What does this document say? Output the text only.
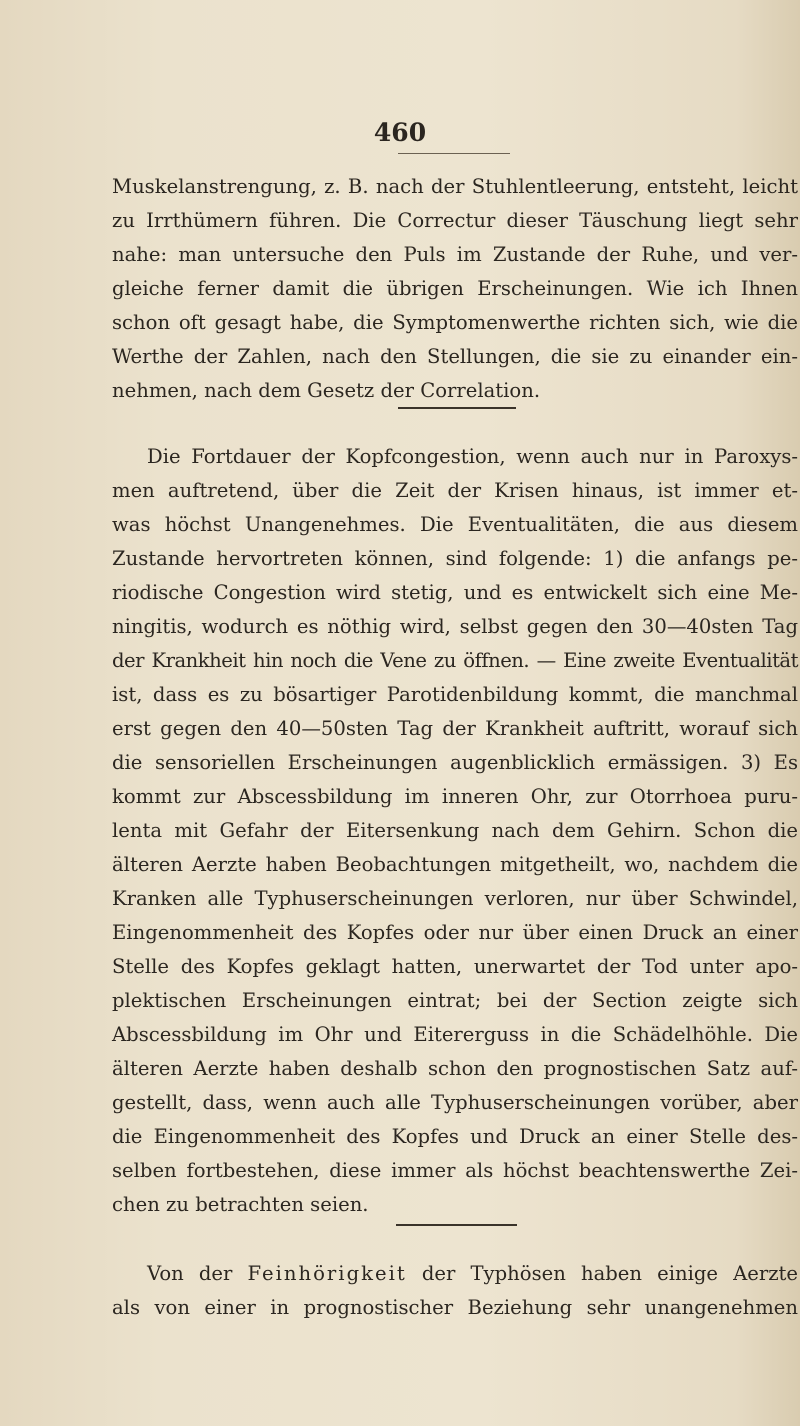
460
Muskelanstrengung, z. B. nach der Stuhlentleerung, entsteht, leicht
zu Irrthümern führen. Die Correctur dieser Täuschung liegt sehr
nahe: man untersuche den Puls im Zustande der Ruhe, und ver-
gleiche ferner damit die übrigen Erscheinungen. Wie ich Ihnen
schon oft gesagt habe, die Symptomenwerthe richten sich, wie die
Werthe der Zahlen, nach den Stellungen, die sie zu einander ein-
nehmen, nach dem Gesetz der Correlation.
Die Fortdauer der Kopfcongestion, wenn auch nur in Paroxys-
men auftretend, über die Zeit der Krisen hinaus, ist immer et-
was höchst Unangenehmes. Die Eventualitäten, die aus diesem
Zustande hervortreten können, sind folgende: 1) die anfangs pe-
riodische Congestion wird stetig, und es entwickelt sich eine Me-
ningitis, wodurch es nöthig wird, selbst gegen den 30—40sten Tag
der Krankheit hin noch die Vene zu öffnen. — Eine zweite Eventualität
ist, dass es zu bösartiger Parotidenbildung kommt, die manchmal
erst gegen den 40—50sten Tag der Krankheit auftritt, worauf sich
die sensoriellen Erscheinungen augenblicklich ermässigen. 3) Es
kommt zur Abscessbildung im inneren Ohr, zur Otorrhoea puru-
lenta mit Gefahr der Eitersenkung nach dem Gehirn. Schon die
älteren Aerzte haben Beobachtungen mitgetheilt, wo, nachdem die
Kranken alle Typhuserscheinungen verloren, nur über Schwindel,
Eingenommenheit des Kopfes oder nur über einen Druck an einer
Stelle des Kopfes geklagt hatten, unerwartet der Tod unter apo-
plektischen Erscheinungen eintrat; bei der Section zeigte sich
Abscessbildung im Ohr und Eitererguss in die Schädelhöhle. Die
älteren Aerzte haben deshalb schon den prognostischen Satz auf-
gestellt, dass, wenn auch alle Typhuserscheinungen vorüber, aber
die Eingenommenheit des Kopfes und Druck an einer Stelle des-
selben fortbestehen, diese immer als höchst beachtenswerthe Zei-
chen zu betrachten seien.
Von der Feinhörigkeit der Typhösen haben einige Aerzte
als von einer in prognostischer Beziehung sehr unangenehmen
